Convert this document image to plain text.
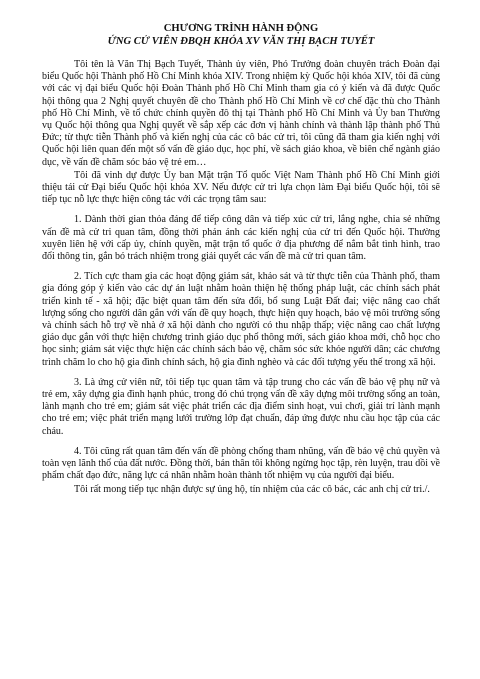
CHƯƠNG TRÌNH HÀNH ĐỘNG
ỨNG CỬ VIÊN ĐBQH KHÓA XV VĂN THỊ BẠCH TUYẾT

Tôi tên là Văn Thị Bạch Tuyết, Thành ủy viên, Phó Trưởng đoàn chuyên trách Đoàn đại biểu Quốc hội Thành phố Hồ Chí Minh khóa XIV. Trong nhiệm kỳ Quốc hội khóa XIV, tôi đã cùng với các vị đại biểu Quốc hội Đoàn Thành phố Hồ Chí Minh tham gia có ý kiến và đã được Quốc hội thông qua 2 Nghị quyết chuyên đề cho Thành phố Hồ Chí Minh về cơ chế đặc thù cho Thành phố Hồ Chí Minh, về tổ chức chính quyền đô thị tại Thành phố Hồ Chí Minh và Ủy ban Thường vụ Quốc hội thông qua Nghị quyết về sắp xếp các đơn vị hành chính và thành lập thành phố Thủ Đức; từ thực tiễn Thành phố và kiến nghị của các cô bác cử tri, tôi cũng đã tham gia kiến nghị với Quốc hội liên quan đến một số vấn đề giáo dục, học phí, về sách giáo khoa, về biên chế ngành giáo dục, về vấn đề chăm sóc bảo vệ trẻ em…

Tôi đã vinh dự được Ủy ban Mặt trận Tổ quốc Việt Nam Thành phố Hồ Chí Minh giới thiệu tái cử Đại biểu Quốc hội khóa XV. Nếu được cử tri lựa chọn làm Đại biểu Quốc hội, tôi sẽ tiếp tục nỗ lực thực hiện công tác với các trọng tâm sau:

1. Dành thời gian thỏa đáng để tiếp công dân và tiếp xúc cử tri, lắng nghe, chia sẻ những vấn đề mà cử tri quan tâm, đồng thời phản ánh các kiến nghị của cử tri đến Quốc hội. Thường xuyên liên hệ với cấp ủy, chính quyền, mặt trận tổ quốc ở địa phương để nắm bắt tình hình, trao đổi thông tin, gắn bó trách nhiệm trong giải quyết các vấn đề mà cử tri quan tâm.

2. Tích cực tham gia các hoạt động giám sát, khảo sát và từ thực tiễn của Thành phố, tham gia đóng góp ý kiến vào các dự án luật nhằm hoàn thiện hệ thống pháp luật, các chính sách phát triển kinh tế - xã hội; đặc biệt quan tâm đến sửa đổi, bổ sung Luật Đất đai; việc nâng cao chất lượng sống cho người dân gắn với vấn đề quy hoạch, thực hiện quy hoạch, bảo vệ môi trường sống và chính sách hỗ trợ về nhà ở xã hội dành cho người có thu nhập thấp; việc nâng cao chất lượng giáo dục gắn với thực hiện chương trình giáo dục phổ thông mới, sách giáo khoa mới, chỗ học cho học sinh; giám sát việc thực hiện các chính sách bảo vệ, chăm sóc sức khỏe người dân; các chương trình chăm lo cho hộ gia đình chính sách, hộ gia đình nghèo và các đối tượng yếu thế trong xã hội.

3. Là ứng cử viên nữ, tôi tiếp tục quan tâm và tập trung cho các vấn đề bảo vệ phụ nữ và trẻ em, xây dựng gia đình hạnh phúc, trong đó chú trọng vấn đề xây dựng môi trường sống an toàn, lành mạnh cho trẻ em; giám sát việc phát triển các địa điểm sinh hoạt, vui chơi, giải trí lành mạnh cho trẻ em; việc phát triển mạng lưới trường lớp đạt chuẩn, đáp ứng được nhu cầu học tập của các cháu.

4. Tôi cũng rất quan tâm đến vấn đề phòng chống tham nhũng, vấn đề bảo vệ chủ quyền và toàn vẹn lãnh thổ của đất nước. Đồng thời, bản thân tôi không ngừng học tập, rèn luyện, trau dồi về phẩm chất đạo đức, năng lực cá nhân nhằm hoàn thành tốt nhiệm vụ của người đại biểu.

Tôi rất mong tiếp tục nhận được sự ủng hộ, tín nhiệm của các cô bác, các anh chị cử tri./.
